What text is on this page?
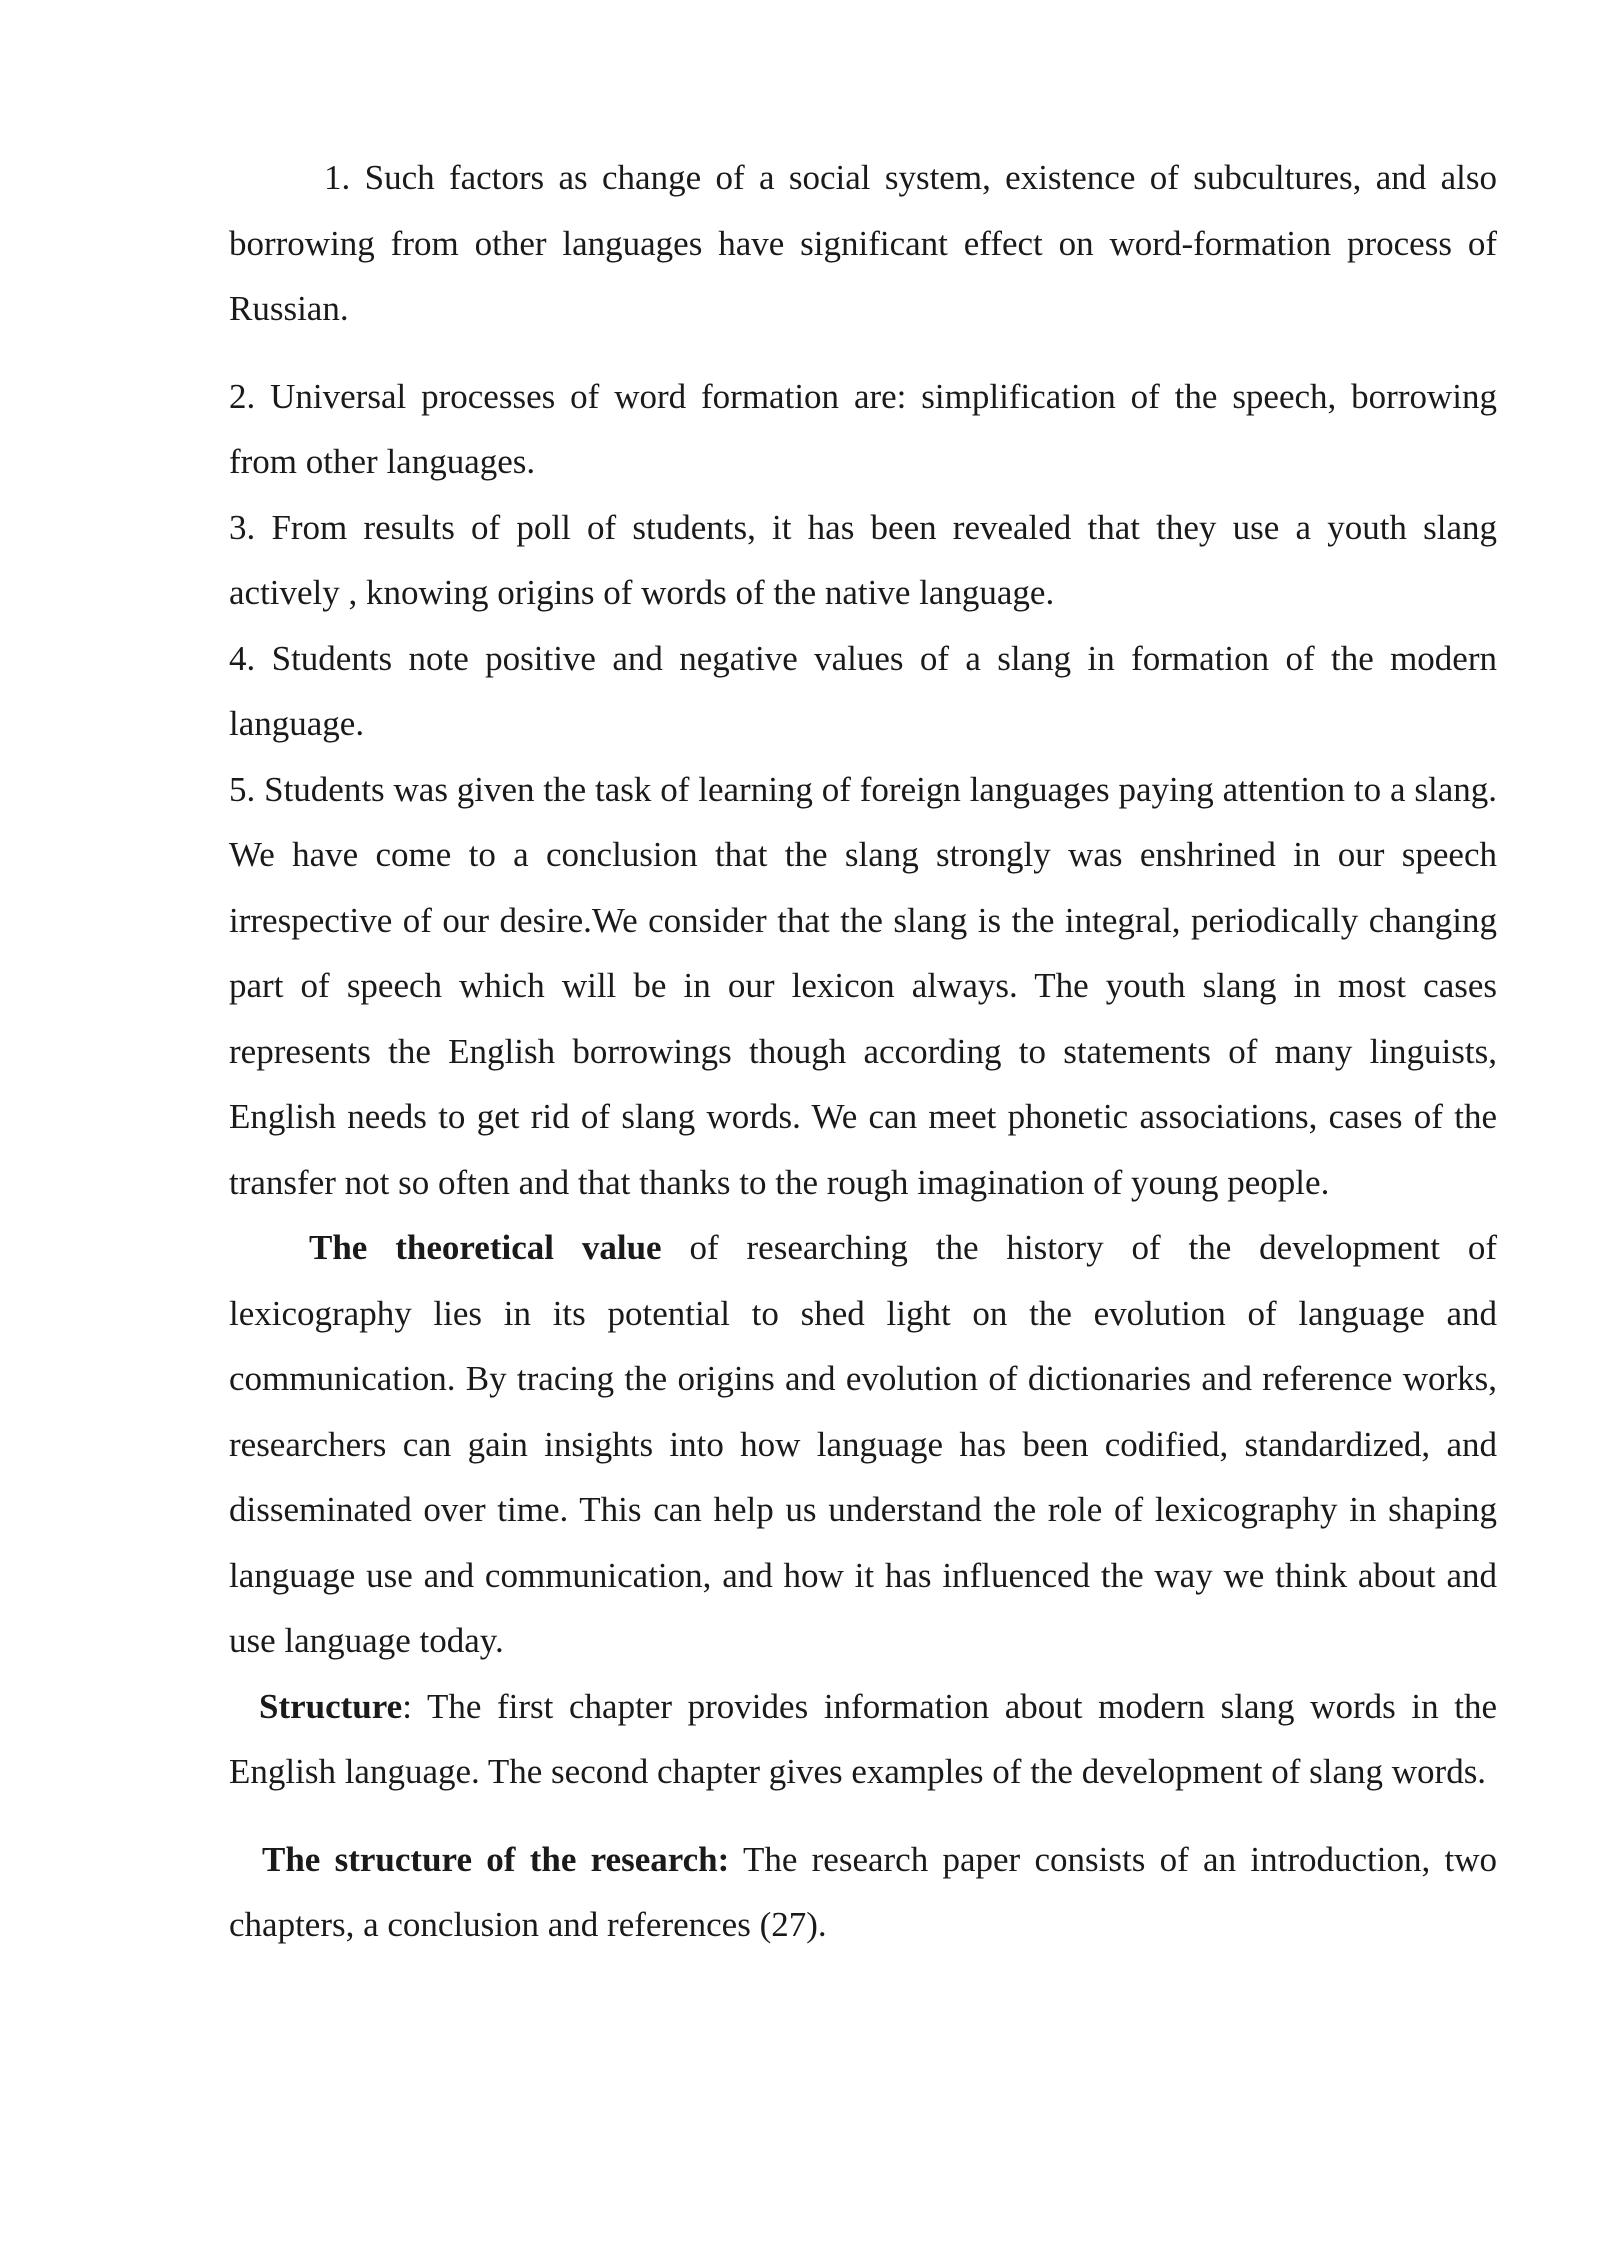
1. Such factors as change of a social system, existence of subcultures, and also borrowing from other languages have significant effect on word-formation process of Russian.

2. Universal processes of word formation are: simplification of the speech, borrowing from other languages.

3. From results of poll of students, it has been revealed that they use a youth slang actively , knowing origins of words of the native language.

4. Students note positive and negative values of a slang in formation of the modern language.

5. Students was given the task of learning of foreign languages paying attention to a slang. We have come to a conclusion that the slang strongly was enshrined in our speech irrespective of our desire.We consider that the slang is the integral, periodically changing part of speech which will be in our lexicon always. The youth slang in most cases represents the English borrowings though according to statements of many linguists, English needs to get rid of slang words. We can meet phonetic associations, cases of the transfer not so often and that thanks to the rough imagination of young people.

The theoretical value of researching the history of the development of lexicography lies in its potential to shed light on the evolution of language and communication. By tracing the origins and evolution of dictionaries and reference works, researchers can gain insights into how language has been codified, standardized, and disseminated over time. This can help us understand the role of lexicography in shaping language use and communication, and how it has influenced the way we think about and use language today.

Structure: The first chapter provides information about modern slang words in the English language. The second chapter gives examples of the development of slang words.

The structure of the research: The research paper consists of an introduction, two chapters, a conclusion and references (27).
